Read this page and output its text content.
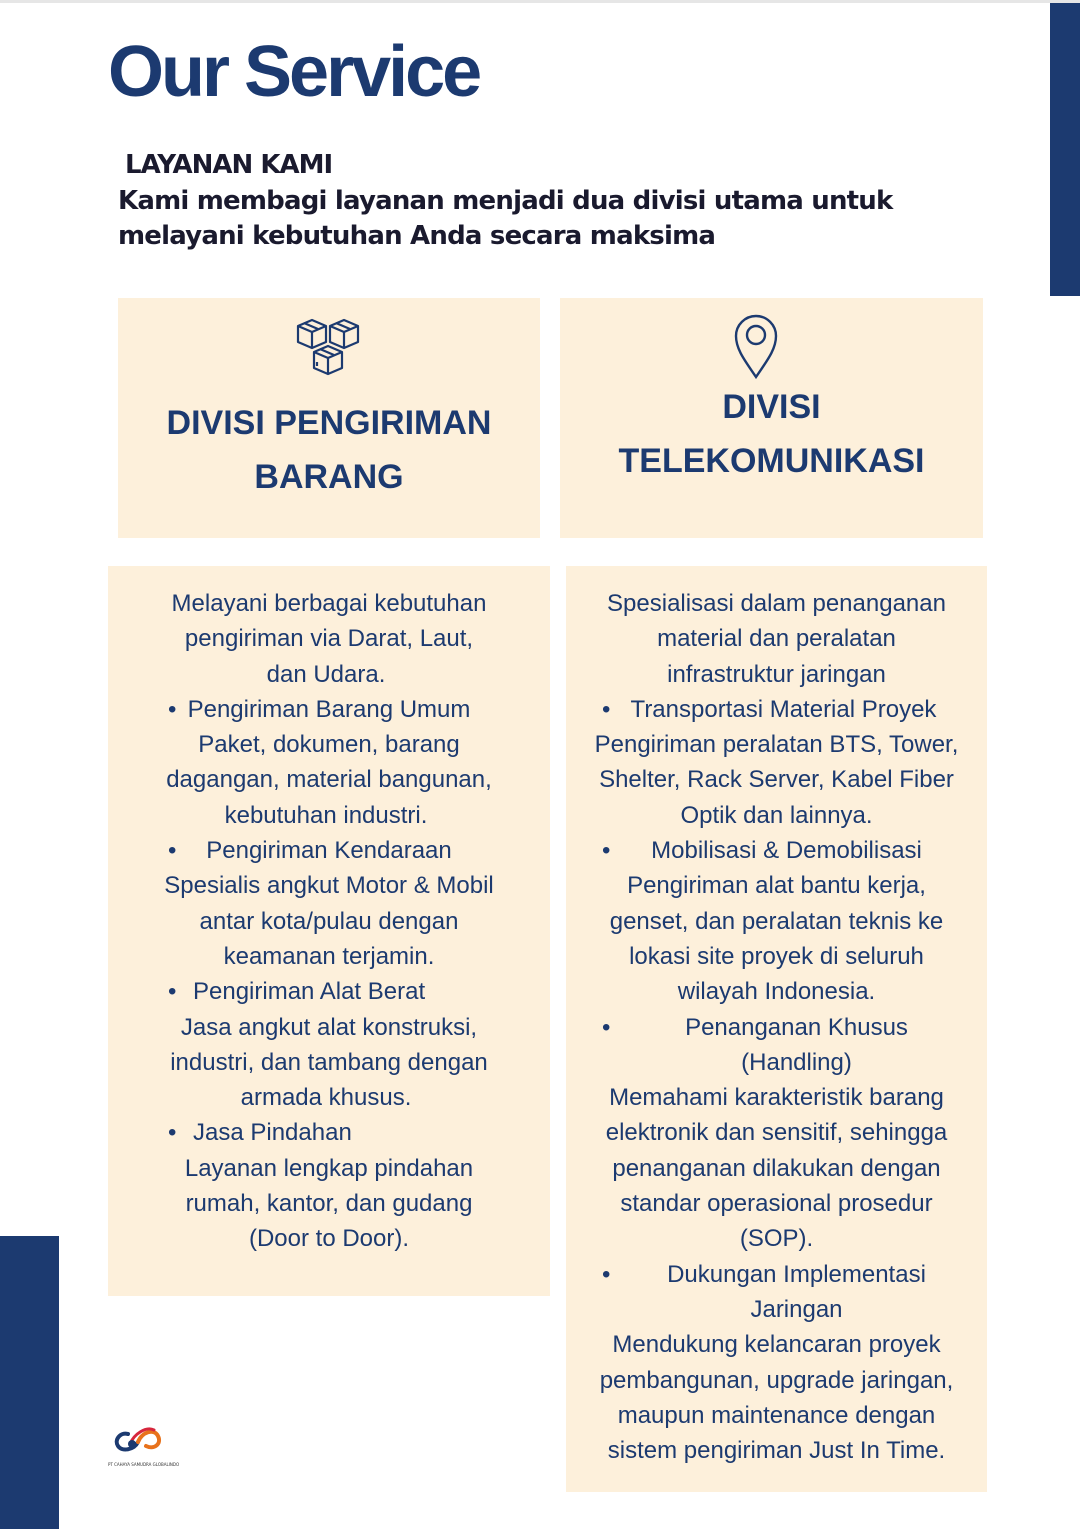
Our Service
LAYANAN KAMI
Kami membagi layanan menjadi dua divisi utama untuk
melayani kebutuhan Anda secara maksima
DIVISI PENGIRIMAN
BARANG
DIVISI
TELEKOMUNIKASI
Melayani berbagai kebutuhan
pengiriman via Darat, Laut,
dan Udara.
• Pengiriman Barang Umum
Paket, dokumen, barang
dagangan, material bangunan,
kebutuhan industri.
• Pengiriman Kendaraan
Spesialis angkut Motor & Mobil
antar kota/pulau dengan
keamanan terjamin.
• Pengiriman Alat Berat
Jasa angkut alat konstruksi,
industri, dan tambang dengan
armada khusus.
• Jasa Pindahan
Layanan lengkap pindahan
rumah, kantor, dan gudang
(Door to Door).
Spesialisasi dalam penanganan
material dan peralatan
infrastruktur jaringan
• Transportasi Material Proyek
Pengiriman peralatan BTS, Tower,
Shelter, Rack Server, Kabel Fiber
Optik dan lainnya.
• Mobilisasi & Demobilisasi
Pengiriman alat bantu kerja,
genset, dan peralatan teknis ke
lokasi site proyek di seluruh
wilayah Indonesia.
•	Penanganan Khusus
(Handling)
Memahami karakteristik barang
elektronik dan sensitif, sehingga
penanganan dilakukan dengan
standar operasional prosedur
(SOP).
• Dukungan Implementasi
Jaringan
Mendukung kelancaran proyek
pembangunan, upgrade jaringan,
maupun maintenance dengan
sistem pengiriman Just In Time.
PT CAHAYA SAMUDRA GLOBALINDO
